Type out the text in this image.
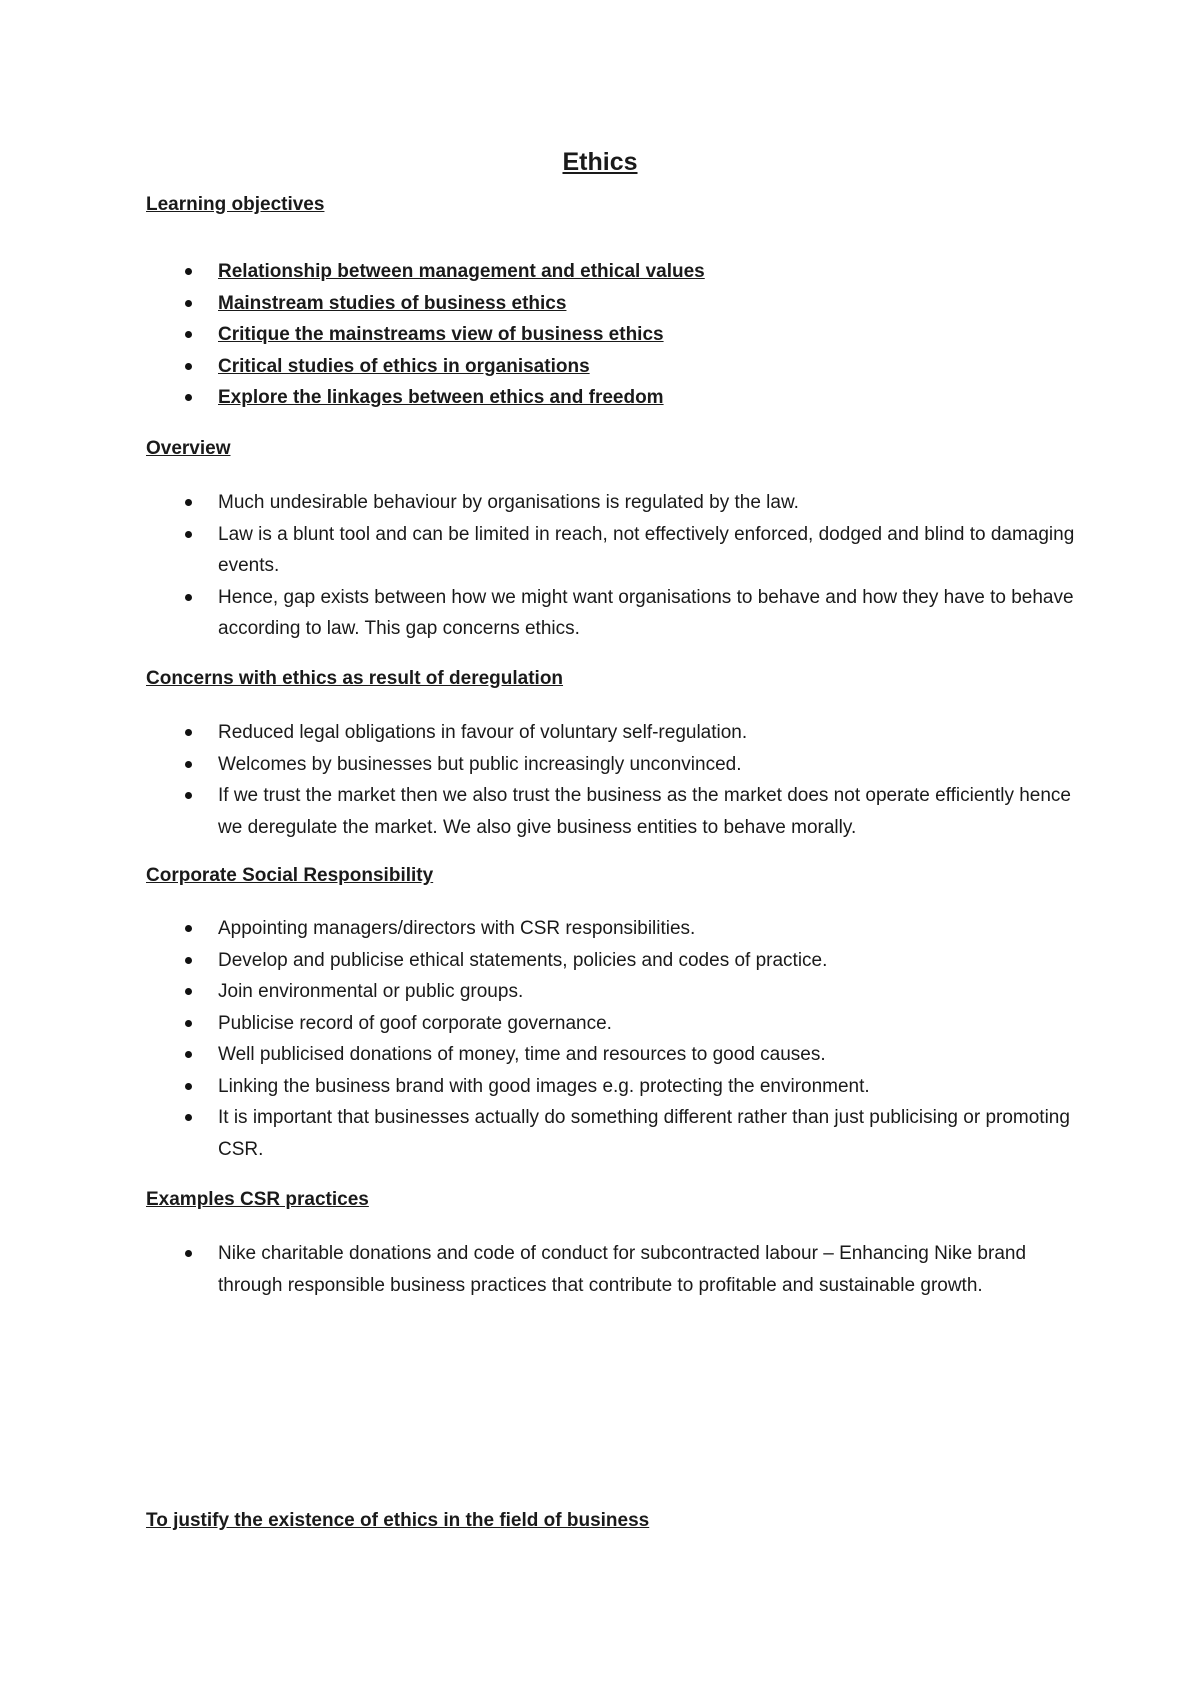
Ethics
Learning objectives
Relationship between management and ethical values
Mainstream studies of business ethics
Critique the mainstreams view of business ethics
Critical studies of ethics in organisations
Explore the linkages between ethics and freedom
Overview
Much undesirable behaviour by organisations is regulated by the law.
Law is a blunt tool and can be limited in reach, not effectively enforced, dodged and blind to damaging events.
Hence, gap exists between how we might want organisations to behave and how they have to behave according to law. This gap concerns ethics.
Concerns with ethics as result of deregulation
Reduced legal obligations in favour of voluntary self-regulation.
Welcomes by businesses but public increasingly unconvinced.
If we trust the market then we also trust the business as the market does not operate efficiently hence we deregulate the market. We also give business entities to behave morally.
Corporate Social Responsibility
Appointing managers/directors with CSR responsibilities.
Develop and publicise ethical statements, policies and codes of practice.
Join environmental or public groups.
Publicise record of goof corporate governance.
Well publicised donations of money, time and resources to good causes.
Linking the business brand with good images e.g. protecting the environment.
It is important that businesses actually do something different rather than just publicising or promoting CSR.
Examples CSR practices
Nike charitable donations and code of conduct for subcontracted labour – Enhancing Nike brand through responsible business practices that contribute to profitable and sustainable growth.
To justify the existence of ethics in the field of business
